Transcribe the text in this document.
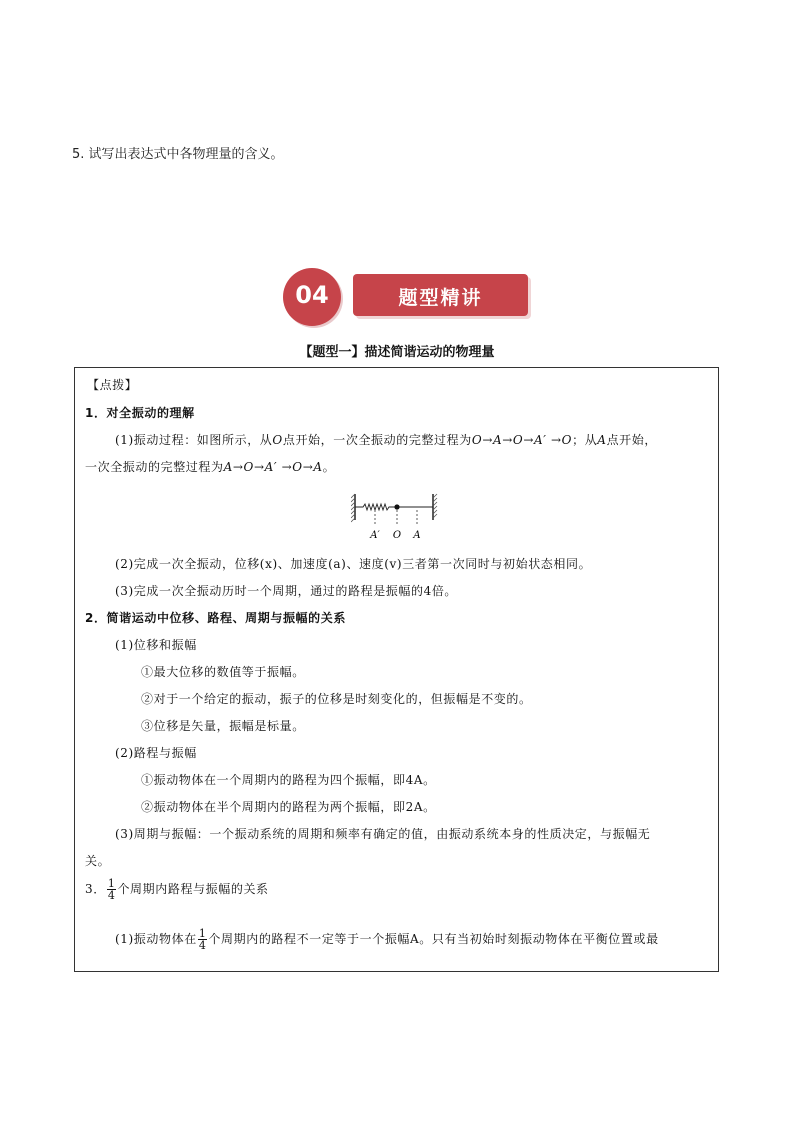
5. 试写出表达式中各物理量的含义。
04	题型精讲
【题型一】描述简谐运动的物理量
【点拨】
1．对全振动的理解
(1)振动过程：如图所示，从O点开始，一次全振动的完整过程为O→A→O→A′ →O；从A点开始，
一次全振动的完整过程为A→O→A′ →O→A。
A′ O A
(2)完成一次全振动，位移(x)、加速度(a)、速度(v)三者第一次同时与初始状态相同。
(3)完成一次全振动历时一个周期，通过的路程是振幅的4倍。
2．简谐运动中位移、路程、周期与振幅的关系
(1)位移和振幅
①最大位移的数值等于振幅。
②对于一个给定的振动，振子的位移是时刻变化的，但振幅是不变的。
③位移是矢量，振幅是标量。
(2)路程与振幅
①振动物体在一个周期内的路程为四个振幅，即4A。
②振动物体在半个周期内的路程为两个振幅，即2A。
(3)周期与振幅：一个振动系统的周期和频率有确定的值，由振动系统本身的性质决定，与振幅无
关。
3． $\frac{1}{4}$ 个周期内路程与振幅的关系
(1)振动物体在 $\frac{1}{4}$ 个周期内的路程不一定等于一个振幅A。只有当初始时刻振动物体在平衡位置或最
